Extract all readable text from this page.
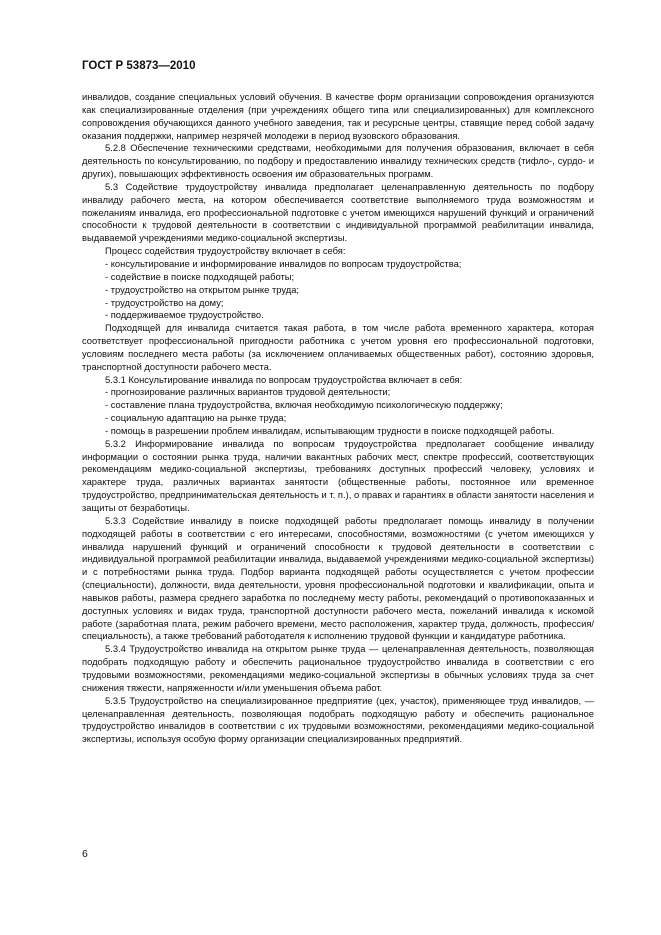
ГОСТ Р 53873—2010

инвалидов, создание специальных условий обучения. В качестве форм организации сопровождения организуются как специализированные отделения (при учреждениях общего типа или специализированных) для комплексного сопровождения обучающихся данного учебного заведения, так и ресурсные центры, ставящие перед собой задачу оказания поддержки, например незрячей молодежи в период вузовского образования.

5.2.8 Обеспечение техническими средствами, необходимыми для получения образования, включает в себя деятельность по консультированию, по подбору и предоставлению инвалиду технических средств (тифло-, сурдо- и других), повышающих эффективность освоения им образовательных программ.

5.3 Содействие трудоустройству инвалида предполагает целенаправленную деятельность по подбору инвалиду рабочего места, на котором обеспечивается соответствие выполняемого труда возможностям и пожеланиям инвалида, его профессиональной подготовке с учетом имеющихся нарушений функций и ограничений способности к трудовой деятельности в соответствии с индивидуальной программой реабилитации инвалида, выдаваемой учреждениями медико-социальной экспертизы.

Процесс содействия трудоустройству включает в себя:

- консультирование и информирование инвалидов по вопросам трудоустройства;

- содействие в поиске подходящей работы;

- трудоустройство на открытом рынке труда;

- трудоустройство на дому;

- поддерживаемое трудоустройство.

Подходящей для инвалида считается такая работа, в том числе работа временного характера, которая соответствует профессиональной пригодности работника с учетом уровня его профессиональной подготовки, условиям последнего места работы (за исключением оплачиваемых общественных работ), состоянию здоровья, транспортной доступности рабочего места.

5.3.1 Консультирование инвалида по вопросам трудоустройства включает в себя:

- прогнозирование различных вариантов трудовой деятельности;

- составление плана трудоустройства, включая необходимую психологическую поддержку;

- социальную адаптацию на рынке труда;

- помощь в разрешении проблем инвалидам, испытывающим трудности в поиске подходящей работы.

5.3.2 Информирование инвалида по вопросам трудоустройства предполагает сообщение инвалиду информации о состоянии рынка труда, наличии вакантных рабочих мест, спектре профессий, соответствующих рекомендациям медико-социальной экспертизы, требованиях доступных профессий человеку, условиях и характере труда, различных вариантах занятости (общественные работы, постоянное или временное трудоустройство, предпринимательская деятельность и т. п.), о правах и гарантиях в области занятости населения и защиты от безработицы.

5.3.3 Содействие инвалиду в поиске подходящей работы предполагает помощь инвалиду в получении подходящей работы в соответствии с его интересами, способностями, возможностями (с учетом имеющихся у инвалида нарушений функций и ограничений способности к трудовой деятельности в соответствии с индивидуальной программой реабилитации инвалида, выдаваемой учреждениями медико-социальной экспертизы) и с потребностями рынка труда. Подбор варианта подходящей работы осуществляется с учетом профессии (специальности), должности, вида деятельности, уровня профессиональной подготовки и квалификации, опыта и навыков работы, размера среднего заработка по последнему месту работы, рекомендаций о противопоказанных и доступных условиях и видах труда, транспортной доступности рабочего места, пожеланий инвалида к искомой работе (заработная плата, режим рабочего времени, место расположения, характер труда, должность, профессия/специальность), а также требований работодателя к исполнению трудовой функции и кандидатуре работника.

5.3.4 Трудоустройство инвалида на открытом рынке труда — целенаправленная деятельность, позволяющая подобрать подходящую работу и обеспечить рациональное трудоустройство инвалида в соответствии с его трудовыми возможностями, рекомендациями медико-социальной экспертизы в обычных условиях труда за счет снижения тяжести, напряженности и/или уменьшения объема работ.

5.3.5 Трудоустройство на специализированное предприятие (цех, участок), применяющее труд инвалидов, — целенаправленная деятельность, позволяющая подобрать подходящую работу и обеспечить рациональное трудоустройство инвалидов в соответствии с их трудовыми возможностями, рекомендациями медико-социальной экспертизы, используя особую форму организации специализированных предприятий.

6
